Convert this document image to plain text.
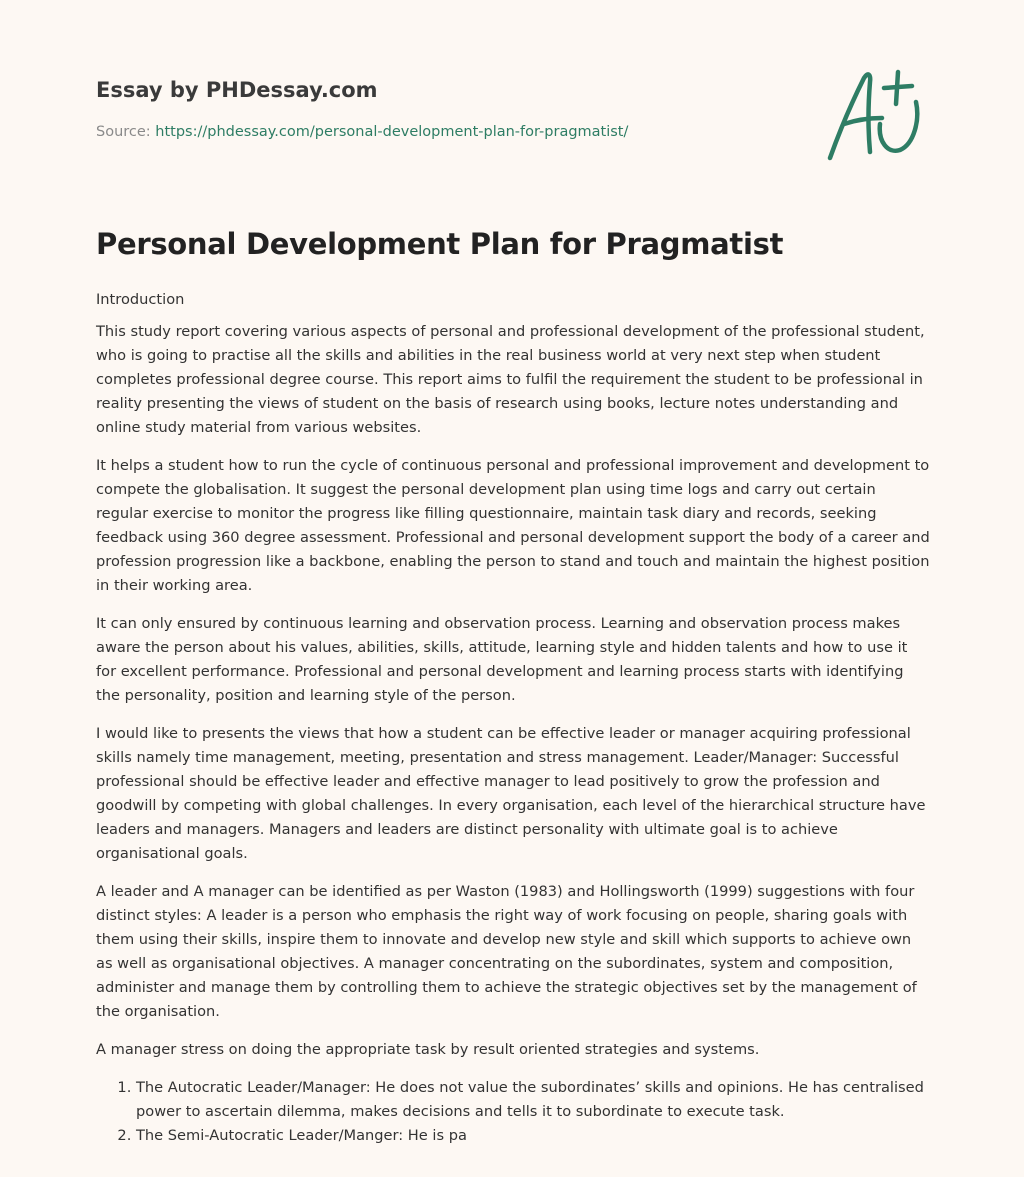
Essay by PHDessay.com
Source: https://phdessay.com/personal-development-plan-for-pragmatist/
Personal Development Plan for Pragmatist

Introduction

This study report covering various aspects of personal and professional development of the professional student, who is going to practise all the skills and abilities in the real business world at very next step when student completes professional degree course. This report aims to fulfil the requirement the student to be professional in reality presenting the views of student on the basis of research using books, lecture notes understanding and online study material from various websites.

It helps a student how to run the cycle of continuous personal and professional improvement and development to compete the globalisation. It suggest the personal development plan using time logs and carry out certain regular exercise to monitor the progress like filling questionnaire, maintain task diary and records, seeking feedback using 360 degree assessment. Professional and personal development support the body of a career and profession progression like a backbone, enabling the person to stand and touch and maintain the highest position in their working area.

It can only ensured by continuous learning and observation process. Learning and observation process makes aware the person about his values, abilities, skills, attitude, learning style and hidden talents and how to use it for excellent performance. Professional and personal development and learning process starts with identifying the personality, position and learning style of the person.

I would like to presents the views that how a student can be effective leader or manager acquiring professional skills namely time management, meeting, presentation and stress management. Leader/Manager: Successful professional should be effective leader and effective manager to lead positively to grow the profession and goodwill by competing with global challenges. In every organisation, each level of the hierarchical structure have leaders and managers. Managers and leaders are distinct personality with ultimate goal is to achieve organisational goals.

A leader and A manager can be identified as per Waston (1983) and Hollingsworth (1999) suggestions with four distinct styles: A leader is a person who emphasis the right way of work focusing on people, sharing goals with them using their skills, inspire them to innovate and develop new style and skill which supports to achieve own as well as organisational objectives. A manager concentrating on the subordinates, system and composition, administer and manage them by controlling them to achieve the strategic objectives set by the management of the organisation.

A manager stress on doing the appropriate task by result oriented strategies and systems.

1. The Autocratic Leader/Manager: He does not value the subordinates’ skills and opinions. He has centralised power to ascertain dilemma, makes decisions and tells it to subordinate to execute task.
2. The Semi-Autocratic Leader/Manger: He is pa
